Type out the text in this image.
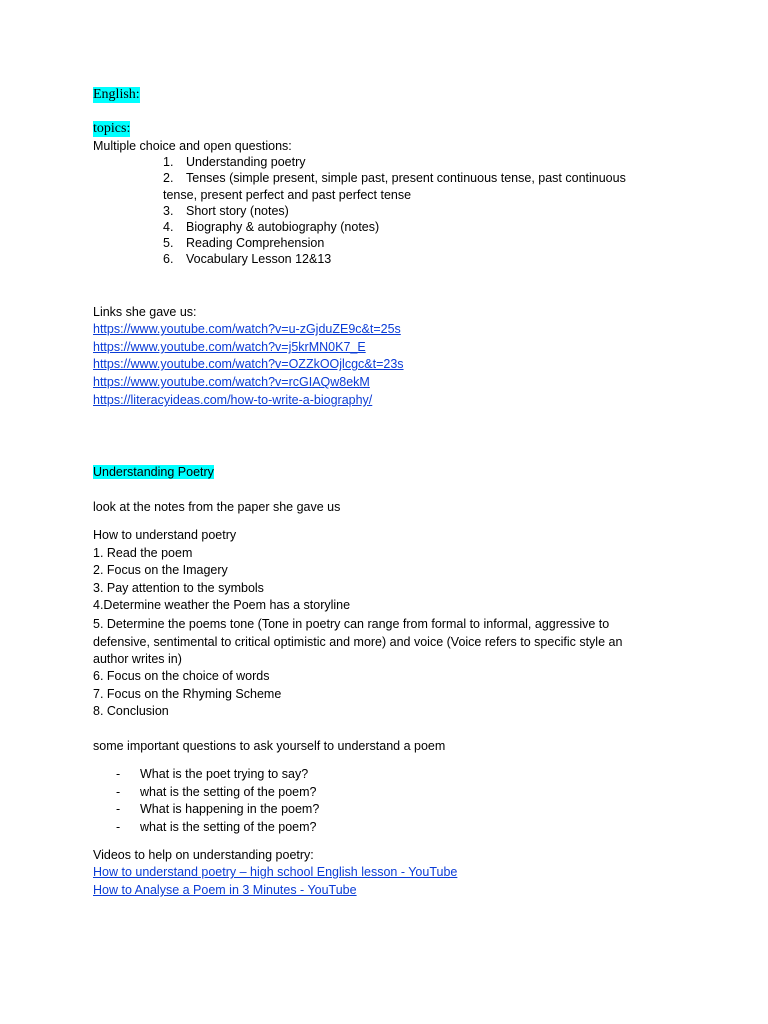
English:
topics:
Multiple choice and open questions:
1. Understanding poetry
2. Tenses (simple present, simple past, present continuous tense, past continuous
tense, present perfect and past perfect tense
3. Short story (notes)
4. Biography & autobiography (notes)
5. Reading Comprehension
6. Vocabulary Lesson 12&13
Links she gave us:
https://www.youtube.com/watch?v=u-zGjduZE9c&t=25s
https://www.youtube.com/watch?v=j5krMN0K7_E
https://www.youtube.com/watch?v=OZZkOOjlcgc&t=23s
https://www.youtube.com/watch?v=rcGIAQw8ekM
https://literacyideas.com/how-to-write-a-biography/
Understanding Poetry
look at the notes from the paper she gave us
How to understand poetry
1. Read the poem
2. Focus on the Imagery
3. Pay attention to the symbols
4.Determine weather the Poem has a storyline
5. Determine the poems tone (Tone in poetry can range from formal to informal, aggressive to defensive, sentimental to critical optimistic and more) and voice (Voice refers to specific style an author writes in)
6. Focus on the choice of words
7. Focus on the Rhyming Scheme
8. Conclusion
some important questions to ask yourself to understand a poem
- What is the poet trying to say?
- what is the setting of the poem?
- What is happening in the poem?
- what is the setting of the poem?
Videos to help on understanding poetry:
How to understand poetry – high school English lesson - YouTube
How to Analyse a Poem in 3 Minutes - YouTube
